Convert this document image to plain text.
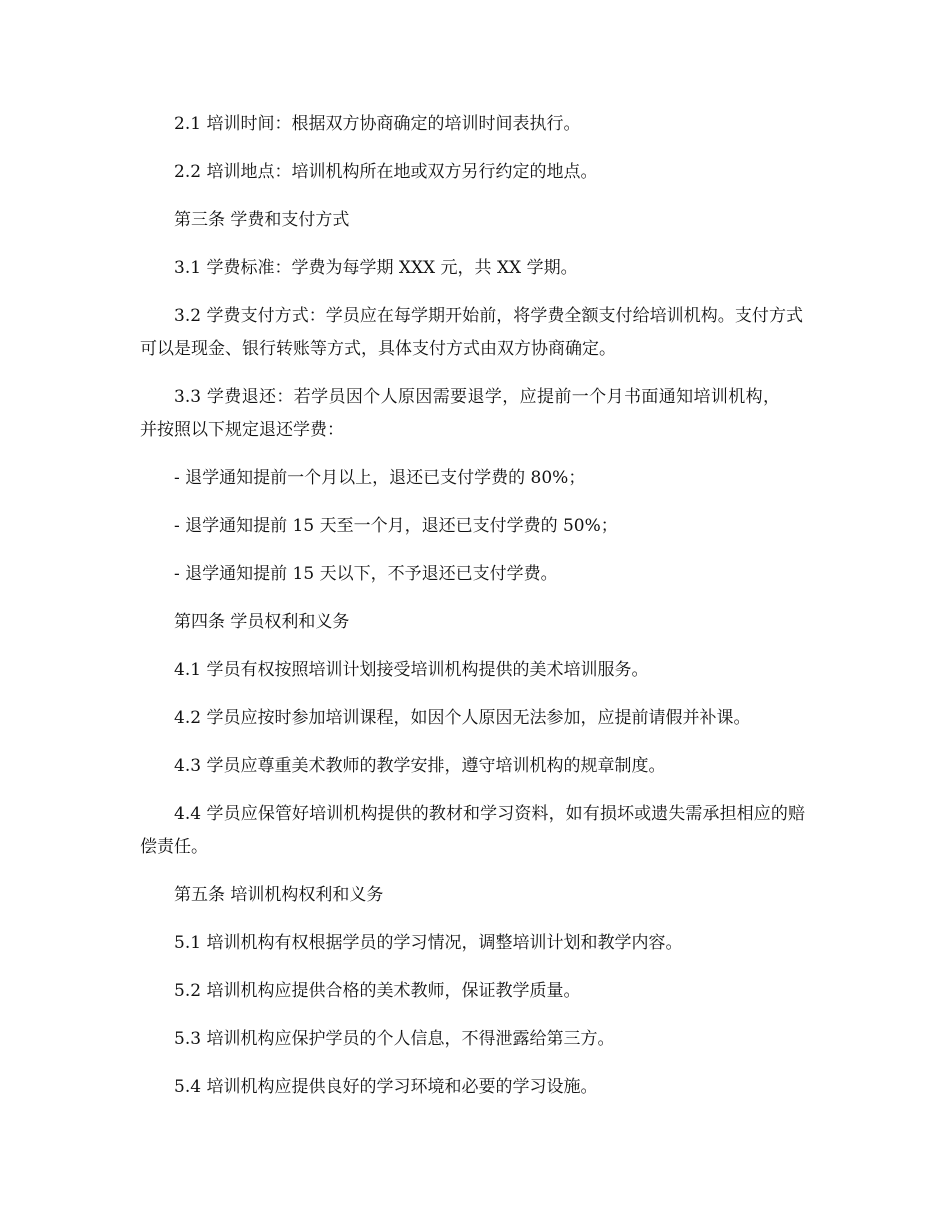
2.1 培训时间：根据双方协商确定的培训时间表执行。

2.2 培训地点：培训机构所在地或双方另行约定的地点。

第三条 学费和支付方式

3.1 学费标准：学费为每学期 XXX 元，共 XX 学期。

3.2 学费支付方式：学员应在每学期开始前，将学费全额支付给培训机构。支付方式可以是现金、银行转账等方式，具体支付方式由双方协商确定。

3.3 学费退还：若学员因个人原因需要退学，应提前一个月书面通知培训机构，并按照以下规定退还学费：

- 退学通知提前一个月以上，退还已支付学费的 80%；

- 退学通知提前 15 天至一个月，退还已支付学费的 50%；

- 退学通知提前 15 天以下，不予退还已支付学费。

第四条 学员权利和义务

4.1 学员有权按照培训计划接受培训机构提供的美术培训服务。

4.2 学员应按时参加培训课程，如因个人原因无法参加，应提前请假并补课。

4.3 学员应尊重美术教师的教学安排，遵守培训机构的规章制度。

4.4 学员应保管好培训机构提供的教材和学习资料，如有损坏或遗失需承担相应的赔偿责任。

第五条 培训机构权利和义务

5.1 培训机构有权根据学员的学习情况，调整培训计划和教学内容。

5.2 培训机构应提供合格的美术教师，保证教学质量。

5.3 培训机构应保护学员的个人信息，不得泄露给第三方。

5.4 培训机构应提供良好的学习环境和必要的学习设施。
